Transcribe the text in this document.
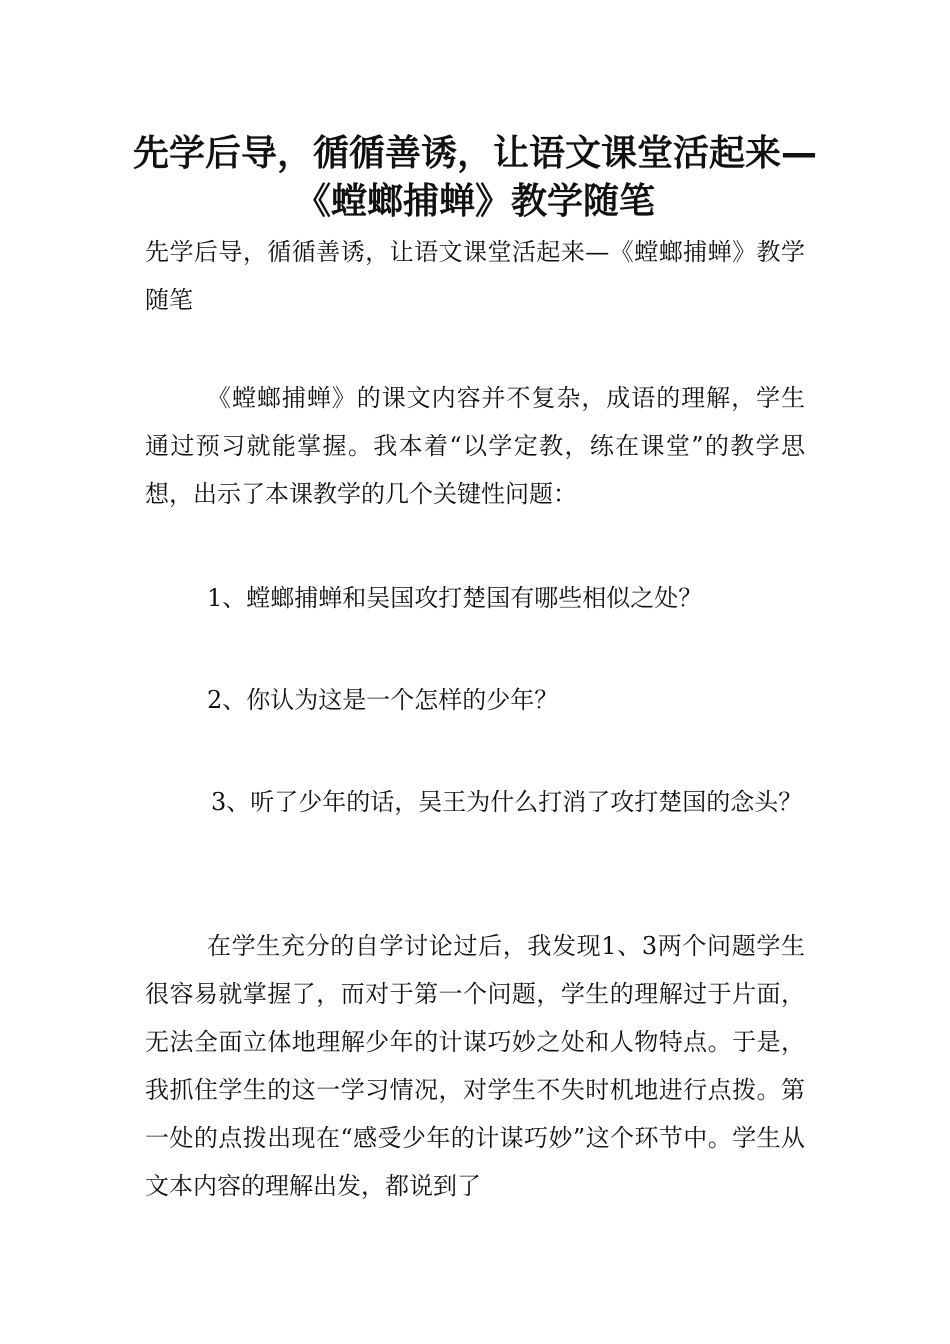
先学后导，循循善诱，让语文课堂活起来—《螳螂捕蝉》教学随笔

先学后导，循循善诱，让语文课堂活起来—《螳螂捕蝉》教学随笔

《螳螂捕蝉》的课文内容并不复杂，成语的理解，学生通过预习就能掌握。我本着“以学定教，练在课堂”的教学思想，出示了本课教学的几个关键性问题：

1、螳螂捕蝉和吴国攻打楚国有哪些相似之处？

2、你认为这是一个怎样的少年？

3、听了少年的话，吴王为什么打消了攻打楚国的念头？

在学生充分的自学讨论过后，我发现1、3两个问题学生很容易就掌握了，而对于第一个问题，学生的理解过于片面，无法全面立体地理解少年的计谋巧妙之处和人物特点。于是，我抓住学生的这一学习情况，对学生不失时机地进行点拨。第一处的点拨出现在“感受少年的计谋巧妙”这个环节中。学生从文本内容的理解出发，都说到了
